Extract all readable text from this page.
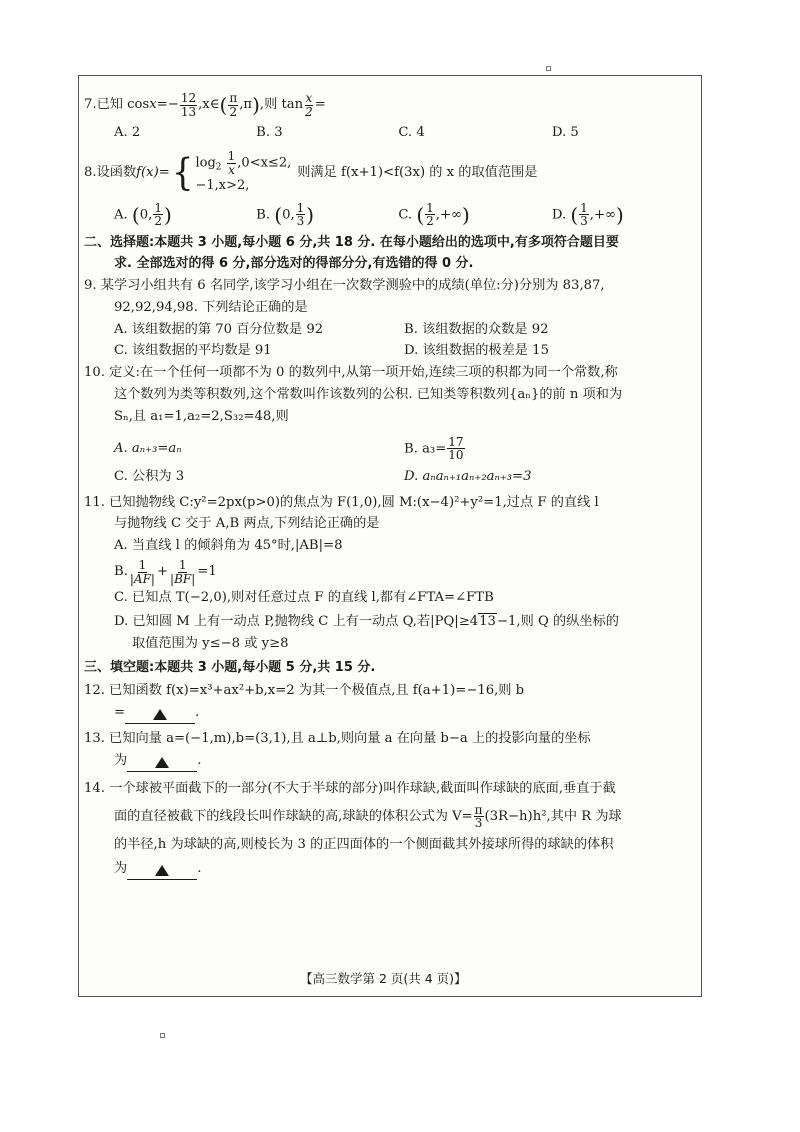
7. 已知 $\cos x =- \frac{12}{13}$ ,x∈ ( $\frac{\pi}{2} ,\pi$ ) ,则 $\tan \frac{x}{2}$ =
A. 2	B. 3	C. 4	D. 5
8. 设函数 f(x)= { $\log_2 \frac{1}{x} ,0<x\le 2$,
−1,x>2,
则满足 f(x+1)<f(3x) 的 x 的取值范围是
A. (0, $\frac{1}{2}$ )	B. (0, $\frac{1}{3}$ )	C. ( $\frac{1}{2}$ ,+∞)	D. ( $\frac{1}{3}$ ,+∞)
二、选择题:本题共 3 小题,每小题 6 分,共 18 分. 在每小题给出的选项中,有多项符合题目要
求. 全部选对的得 6 分,部分选对的得部分分,有选错的得 0 分.
9. 某学习小组共有 6 名同学,该学习小组在一次数学测验中的成绩(单位:分)分别为 83,87,
92,92,94,98. 下列结论正确的是
A. 该组数据的第 70 百分位数是 92	B. 该组数据的众数是 92
C. 该组数据的平均数是 91	D. 该组数据的极差是 15
10. 定义:在一个任何一项都不为 0 的数列中,从第一项开始,连续三项的积都为同一个常数,称
这个数列为类等积数列,这个常数叫作该数列的公积. 已知类等积数列{aₙ}的前 n 项和为
Sₙ,且 a₁=1,a₂=2,S₃₂=48,则
A. aₙ₊₃=aₙ	B. $a_3= \frac{17}{10}$
C. 公积为 3	D. aₙaₙ₊₁aₙ₊₂aₙ₊₃=3
11. 已知抛物线 C:y²=2px(p>0)的焦点为 F(1,0),圆 M:(x−4)²+y²=1,过点 F 的直线 l
与抛物线 C 交于 A,B 两点,下列结论正确的是
A. 当直线 l 的倾斜角为 45°时,|AB|=8
B. $\frac{1}{|AF|} + \frac{1}{|BF|} =1$
C. 已知点 T(−2,0),则对任意过点 F 的直线 l,都有∠FTA=∠FTB
D. 已知圆 M 上有一动点 P,抛物线 C 上有一动点 Q,若|PQ|≥413−1,则 Q 的纵坐标的
取值范围为 y≤−8 或 y≥8
三、填空题:本题共 3 小题,每小题 5 分,共 15 分.
12. 已知函数 f(x)=x³+ax²+b,x=2 为其一个极值点,且 f(a+1)=−16,则 b
=	.
13. 已知向量 a=(−1,m),b=(3,1),且 a⊥b,则向量 a 在向量 b−a 上的投影向量的坐标
为	.
14. 一个球被平面截下的一部分(不大于半球的部分)叫作球缺,截面叫作球缺的底面,垂直于截
面的直径被截下的线段长叫作球缺的高,球缺的体积公式为 $V= \frac{\pi}{3} (3R-h)h^2$,其中 R 为球
的半径,h 为球缺的高,则棱长为 3 的正四面体的一个侧面截其外接球所得的球缺的体积
为	.
【高三数学第 2 页(共 4 页)】
